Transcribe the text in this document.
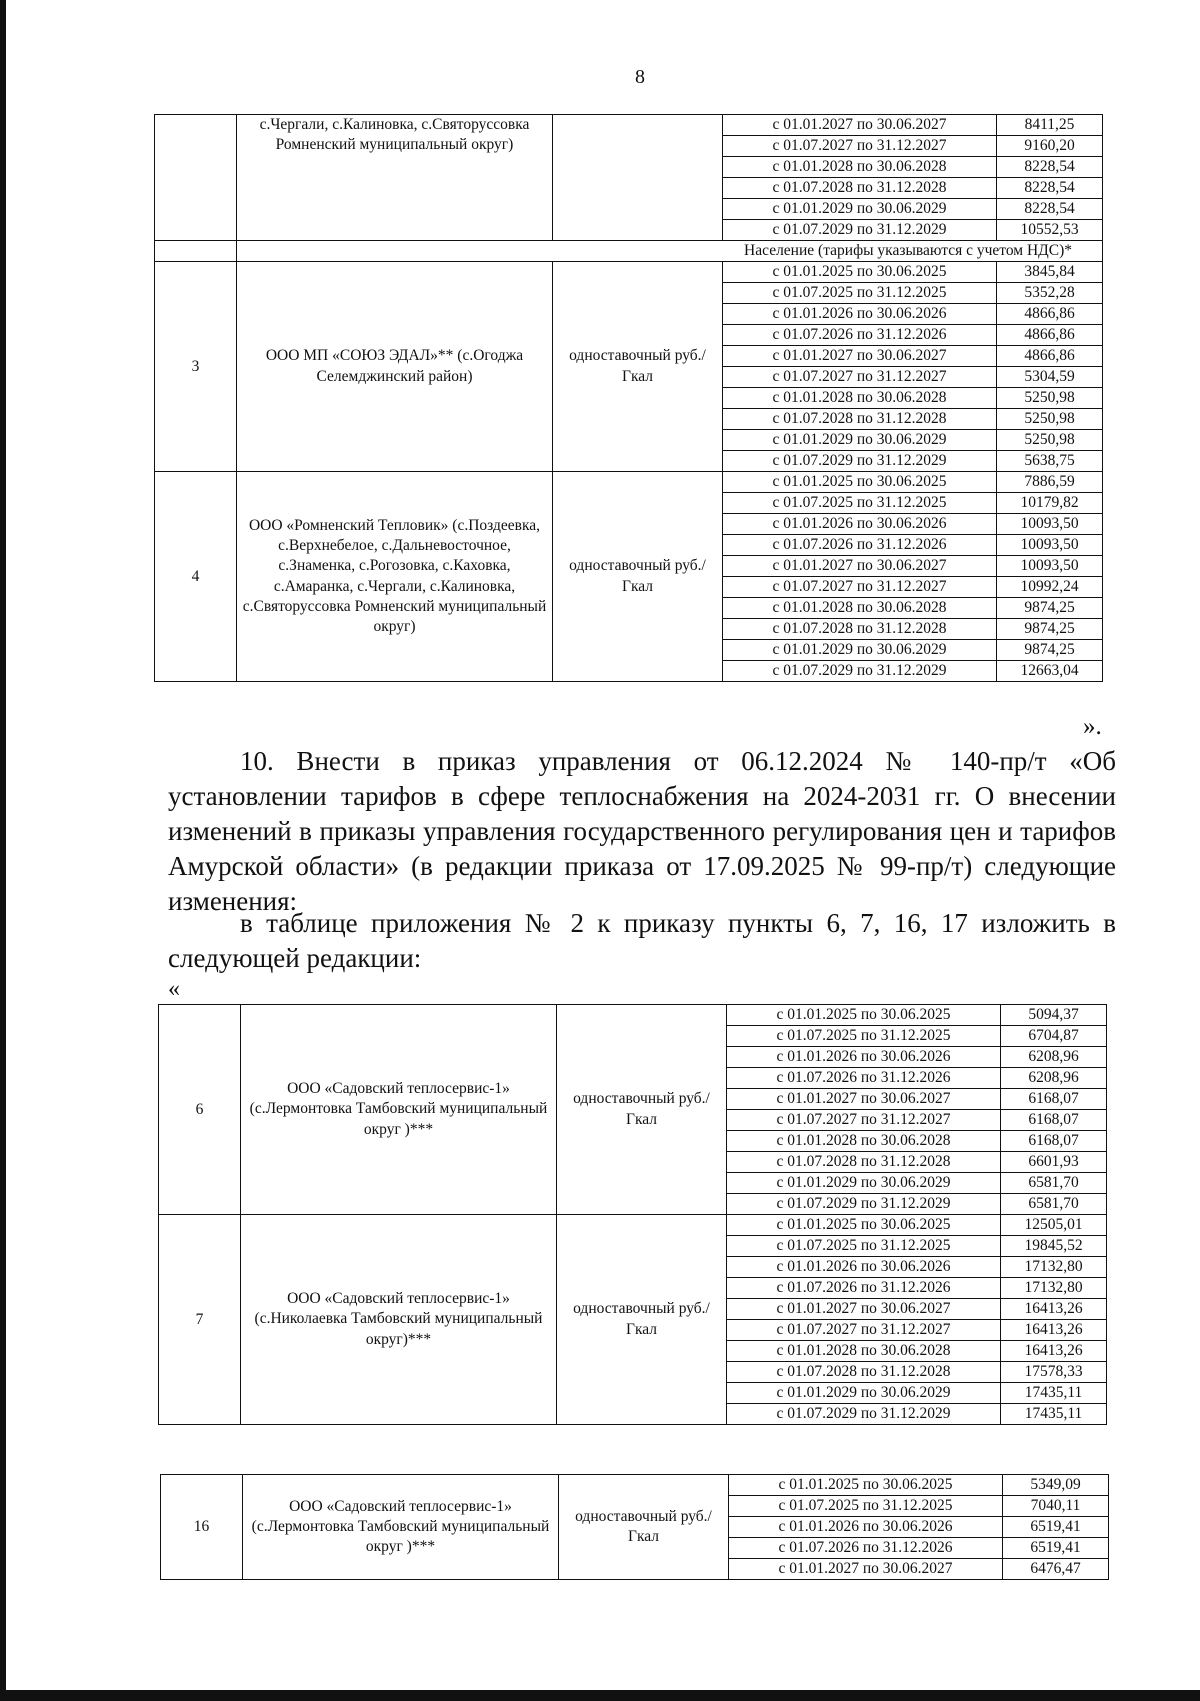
8
	с.Чергали, с.Калиновка, с.Святоруссовка Ромненский муниципальный округ)		с 01.01.2027 по 30.06.2027	8411,25
			с 01.07.2027 по 31.12.2027	9160,20
			с 01.01.2028 по 30.06.2028	8228,54
			с 01.07.2028 по 31.12.2028	8228,54
			с 01.01.2029 по 30.06.2029	8228,54
			с 01.07.2029 по 31.12.2029	10552,53
	Население (тарифы указываются с учетом НДС)*			
3	ООО МП «СОЮЗ ЭДАЛ»** (с.Огоджа Селемджинский район)	одноставочный руб./Гкал	с 01.01.2025 по 30.06.2025	3845,84
			с 01.07.2025 по 31.12.2025	5352,28
			с 01.01.2026 по 30.06.2026	4866,86
			с 01.07.2026 по 31.12.2026	4866,86
			с 01.01.2027 по 30.06.2027	4866,86
			с 01.07.2027 по 31.12.2027	5304,59
			с 01.01.2028 по 30.06.2028	5250,98
			с 01.07.2028 по 31.12.2028	5250,98
			с 01.01.2029 по 30.06.2029	5250,98
			с 01.07.2029 по 31.12.2029	5638,75
4	ООО «Ромненский Тепловик» (с.Поздеевка, с.Верхнебелое, с.Дальневосточное, с.Знаменка, с.Рогозовка, с.Каховка, с.Амаранка, с.Чергали, с.Калиновка, с.Святоруссовка Ромненский муниципальный округ)	одноставочный руб./Гкал	с 01.01.2025 по 30.06.2025	7886,59
			с 01.07.2025 по 31.12.2025	10179,82
			с 01.01.2026 по 30.06.2026	10093,50
			с 01.07.2026 по 31.12.2026	10093,50
			с 01.01.2027 по 30.06.2027	10093,50
			с 01.07.2027 по 31.12.2027	10992,24
			с 01.01.2028 по 30.06.2028	9874,25
			с 01.07.2028 по 31.12.2028	9874,25
			с 01.01.2029 по 30.06.2029	9874,25
			с 01.07.2029 по 31.12.2029	12663,04
».

10. Внести в приказ управления от 06.12.2024 № 140-пр/т «Об установлении тарифов в сфере теплоснабжения на 2024-2031 гг. О внесении изменений в приказы управления государственного регулирования цен и тарифов Амурской области» (в редакции приказа от 17.09.2025 № 99-пр/т) следующие изменения:

в таблице приложения № 2 к приказу пункты 6, 7, 16, 17 изложить в следующей редакции:

«
6	ООО «Садовский теплосервис-1» (с.Лермонтовка Тамбовский муниципальный округ )***	одноставочный руб./Гкал	с 01.01.2025 по 30.06.2025	5094,37
			с 01.07.2025 по 31.12.2025	6704,87
			с 01.01.2026 по 30.06.2026	6208,96
			с 01.07.2026 по 31.12.2026	6208,96
			с 01.01.2027 по 30.06.2027	6168,07
			с 01.07.2027 по 31.12.2027	6168,07
			с 01.01.2028 по 30.06.2028	6168,07
			с 01.07.2028 по 31.12.2028	6601,93
			с 01.01.2029 по 30.06.2029	6581,70
			с 01.07.2029 по 31.12.2029	6581,70
7	ООО «Садовский теплосервис-1» (с.Николаевка Тамбовский муниципальный округ)***	одноставочный руб./Гкал	с 01.01.2025 по 30.06.2025	12505,01
			с 01.07.2025 по 31.12.2025	19845,52
			с 01.01.2026 по 30.06.2026	17132,80
			с 01.07.2026 по 31.12.2026	17132,80
			с 01.01.2027 по 30.06.2027	16413,26
			с 01.07.2027 по 31.12.2027	16413,26
			с 01.01.2028 по 30.06.2028	16413,26
			с 01.07.2028 по 31.12.2028	17578,33
			с 01.01.2029 по 30.06.2029	17435,11
			с 01.07.2029 по 31.12.2029	17435,11
16	ООО «Садовский теплосервис-1» (с.Лермонтовка Тамбовский муниципальный округ )***	одноставочный руб./Гкал	с 01.01.2025 по 30.06.2025	5349,09
			с 01.07.2025 по 31.12.2025	7040,11
			с 01.01.2026 по 30.06.2026	6519,41
			с 01.07.2026 по 31.12.2026	6519,41
			с 01.01.2027 по 30.06.2027	6476,47
